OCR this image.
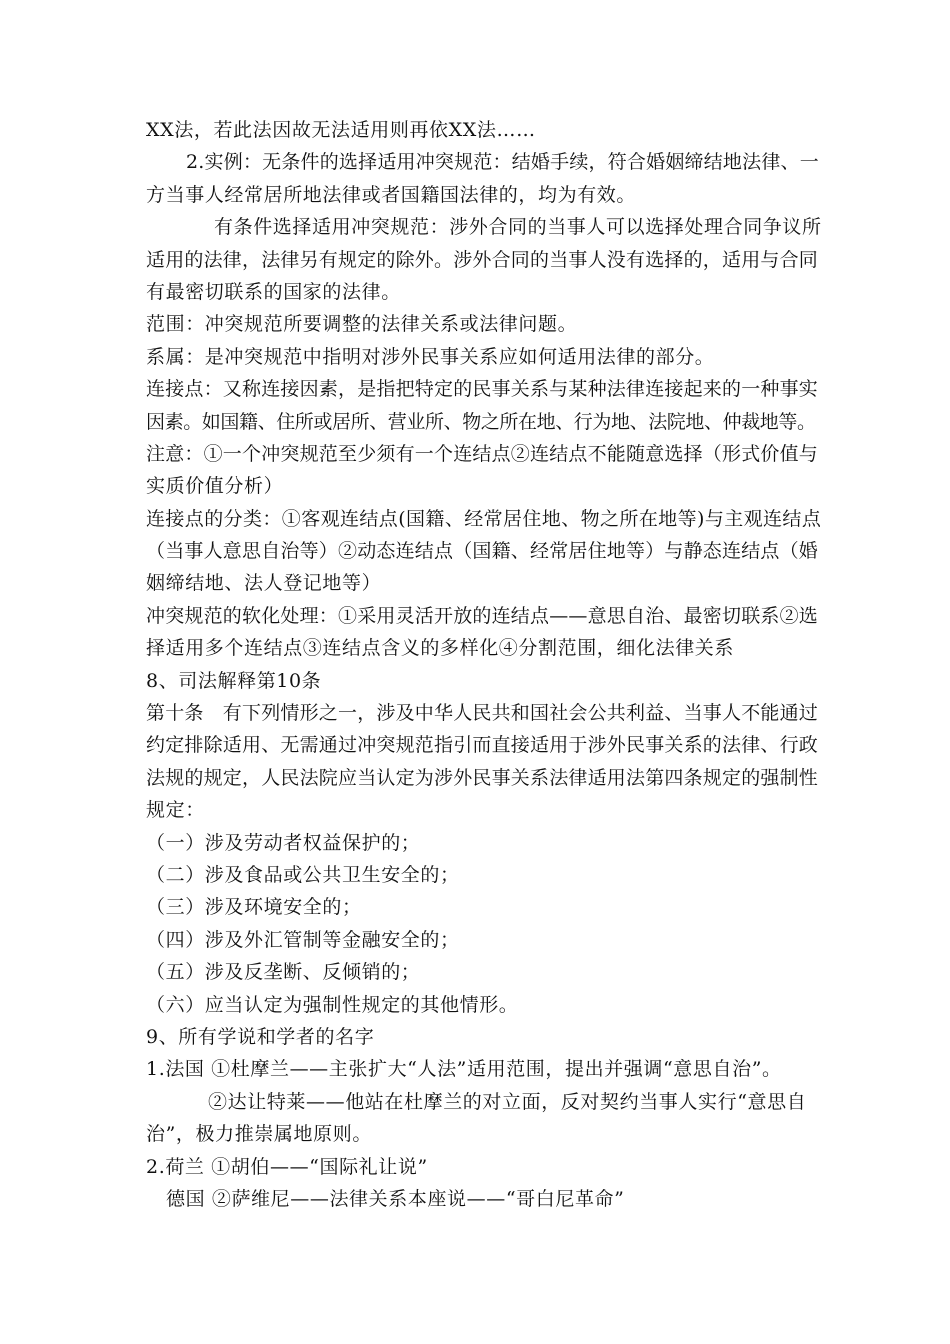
XX法，若此法因故无法适用则再依XX法……
2.实例：无条件的选择适用冲突规范：结婚手续，符合婚姻缔结地法律、一
方当事人经常居所地法律或者国籍国法律的，均为有效。
有条件选择适用冲突规范：涉外合同的当事人可以选择处理合同争议所
适用的法律，法律另有规定的除外。涉外合同的当事人没有选择的，适用与合同
有最密切联系的国家的法律。
范围：冲突规范所要调整的法律关系或法律问题。
系属：是冲突规范中指明对涉外民事关系应如何适用法律的部分。
连接点：又称连接因素，是指把特定的民事关系与某种法律连接起来的一种事实
因素。如国籍、住所或居所、营业所、物之所在地、行为地、法院地、仲裁地等。
注意：①一个冲突规范至少须有一个连结点②连结点不能随意选择（形式价值与
实质价值分析）
连接点的分类：①客观连结点(国籍、经常居住地、物之所在地等)与主观连结点
（当事人意思自治等）②动态连结点（国籍、经常居住地等）与静态连结点（婚
姻缔结地、法人登记地等）
冲突规范的软化处理：①采用灵活开放的连结点——意思自治、最密切联系②选
择适用多个连结点③连结点含义的多样化④分割范围，细化法律关系
8、司法解释第10条
第十条　有下列情形之一，涉及中华人民共和国社会公共利益、当事人不能通过
约定排除适用、无需通过冲突规范指引而直接适用于涉外民事关系的法律、行政
法规的规定，人民法院应当认定为涉外民事关系法律适用法第四条规定的强制性
规定：
（一）涉及劳动者权益保护的；
（二）涉及食品或公共卫生安全的；
（三）涉及环境安全的；
（四）涉及外汇管制等金融安全的；
（五）涉及反垄断、反倾销的；
（六）应当认定为强制性规定的其他情形。
9、所有学说和学者的名字
1.法国 ①杜摩兰——主张扩大“人法”适用范围，提出并强调“意思自治”。
②达让特莱——他站在杜摩兰的对立面，反对契约当事人实行“意思自
治”，极力推崇属地原则。
2.荷兰 ①胡伯——“国际礼让说”
德国 ②萨维尼——法律关系本座说——“哥白尼革命”
